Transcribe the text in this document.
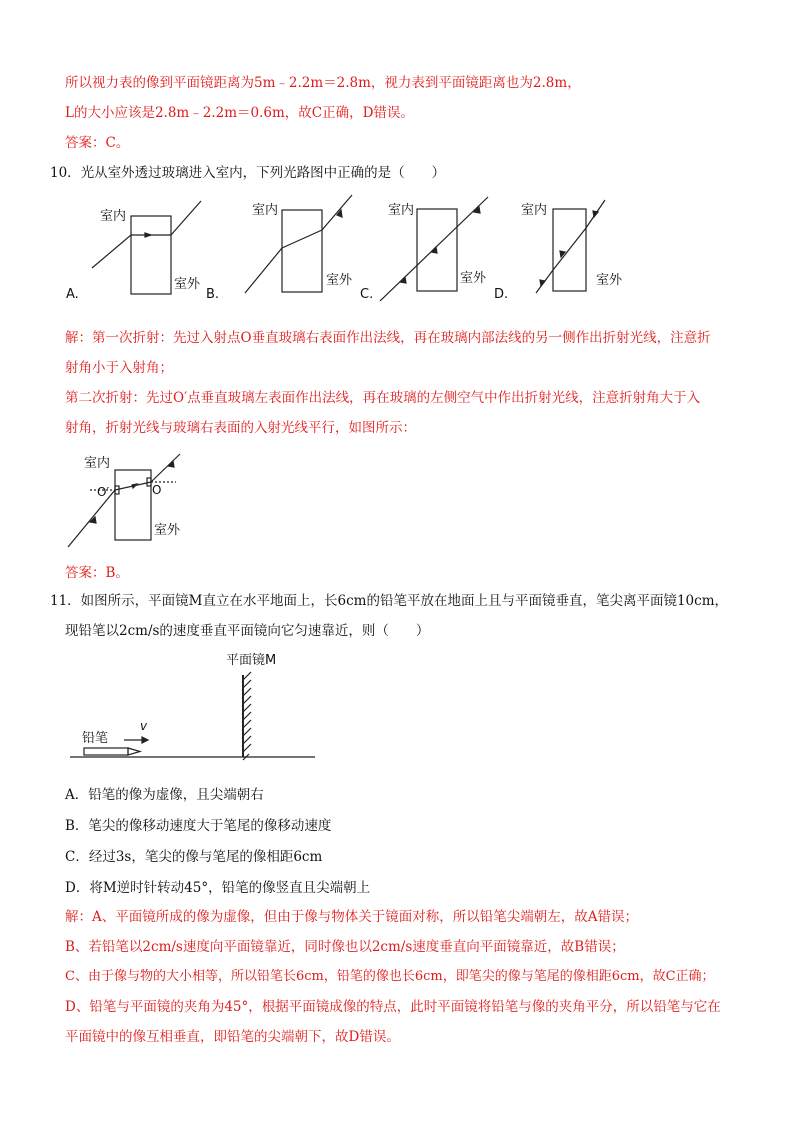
所以视力表的像到平面镜距离为5m﹣2.2m＝2.8m，视力表到平面镜距离也为2.8m，
L的大小应该是2.8m﹣2.2m＝0.6m，故C正确，D错误。
答案：C。
10．光从室外透过玻璃进入室内，下列光路图中正确的是（　　）
室内
室外
室内
室外
室内
室外
室内
室外
A.	B.	C.	D.
解：第一次折射：先过入射点O垂直玻璃右表面作出法线，再在玻璃内部法线的另一侧作出折射光线，注意折
射角小于入射角；
第二次折射：先过O′点垂直玻璃左表面作出法线，再在玻璃的左侧空气中作出折射光线，注意折射角大于入
射角，折射光线与玻璃右表面的入射光线平行，如图所示：
室内
室外
O
O′
答案：B。
11．如图所示，平面镜M直立在水平地面上，长6cm的铅笔平放在地面上且与平面镜垂直，笔尖离平面镜10cm，
现铅笔以2cm/s的速度垂直平面镜向它匀速靠近，则（　　）
平面镜M
铅笔
v
A．铅笔的像为虚像，且尖端朝右
B．笔尖的像移动速度大于笔尾的像移动速度
C．经过3s，笔尖的像与笔尾的像相距6cm
D．将M逆时针转动45°，铅笔的像竖直且尖端朝上
解：A、平面镜所成的像为虚像，但由于像与物体关于镜面对称，所以铅笔尖端朝左，故A错误；
B、若铅笔以2cm/s速度向平面镜靠近，同时像也以2cm/s速度垂直向平面镜靠近，故B错误；
C、由于像与物的大小相等，所以铅笔长6cm，铅笔的像也长6cm，即笔尖的像与笔尾的像相距6cm，故C正确；
D、铅笔与平面镜的夹角为45°，根据平面镜成像的特点，此时平面镜将铅笔与像的夹角平分，所以铅笔与它在
平面镜中的像互相垂直，即铅笔的尖端朝下，故D错误。
